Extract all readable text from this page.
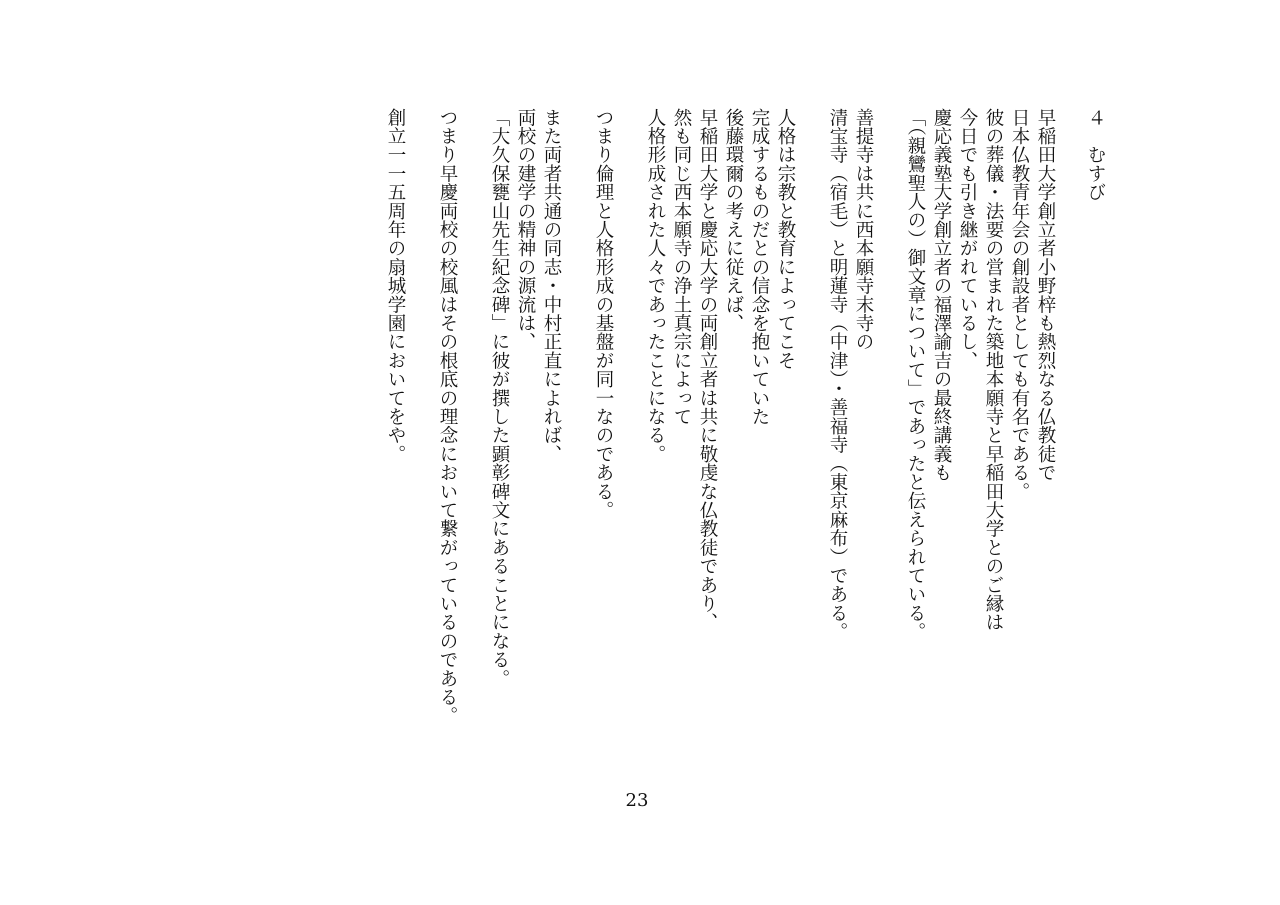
４　むすび
早稲田大学創立者小野梓も熱烈なる仏教徒で
日本仏教青年会の創設者としても有名である。
彼の葬儀・法要の営まれた築地本願寺と早稲田大学とのご縁は
今日でも引き継がれているし、
慶応義塾大学創立者の福澤諭吉の最終講義も
「（親鸞聖人の）御文章について」であったと伝えられている。
善提寺は共に西本願寺末寺の
清宝寺（宿毛）と明蓮寺（中津）・善福寺（東京麻布）である。
人格は宗教と教育によってこそ
完成するものだとの信念を抱いていた
後藤環爾の考えに従えば、
早稲田大学と慶応大学の両創立者は共に敬虔な仏教徒であり、
然も同じ西本願寺の浄土真宗によって
人格形成された人々であったことになる。
つまり倫理と人格形成の基盤が同一なのである。
また両者共通の同志・中村正直によれば、
両校の建学の精神の源流は、
「大久保甕山先生紀念碑」に彼が撰した顕彰碑文にあることになる。
つまり早慶両校の校風はその根底の理念において繋がっているのである。
創立一一五周年の扇城学園においてをや。
23
